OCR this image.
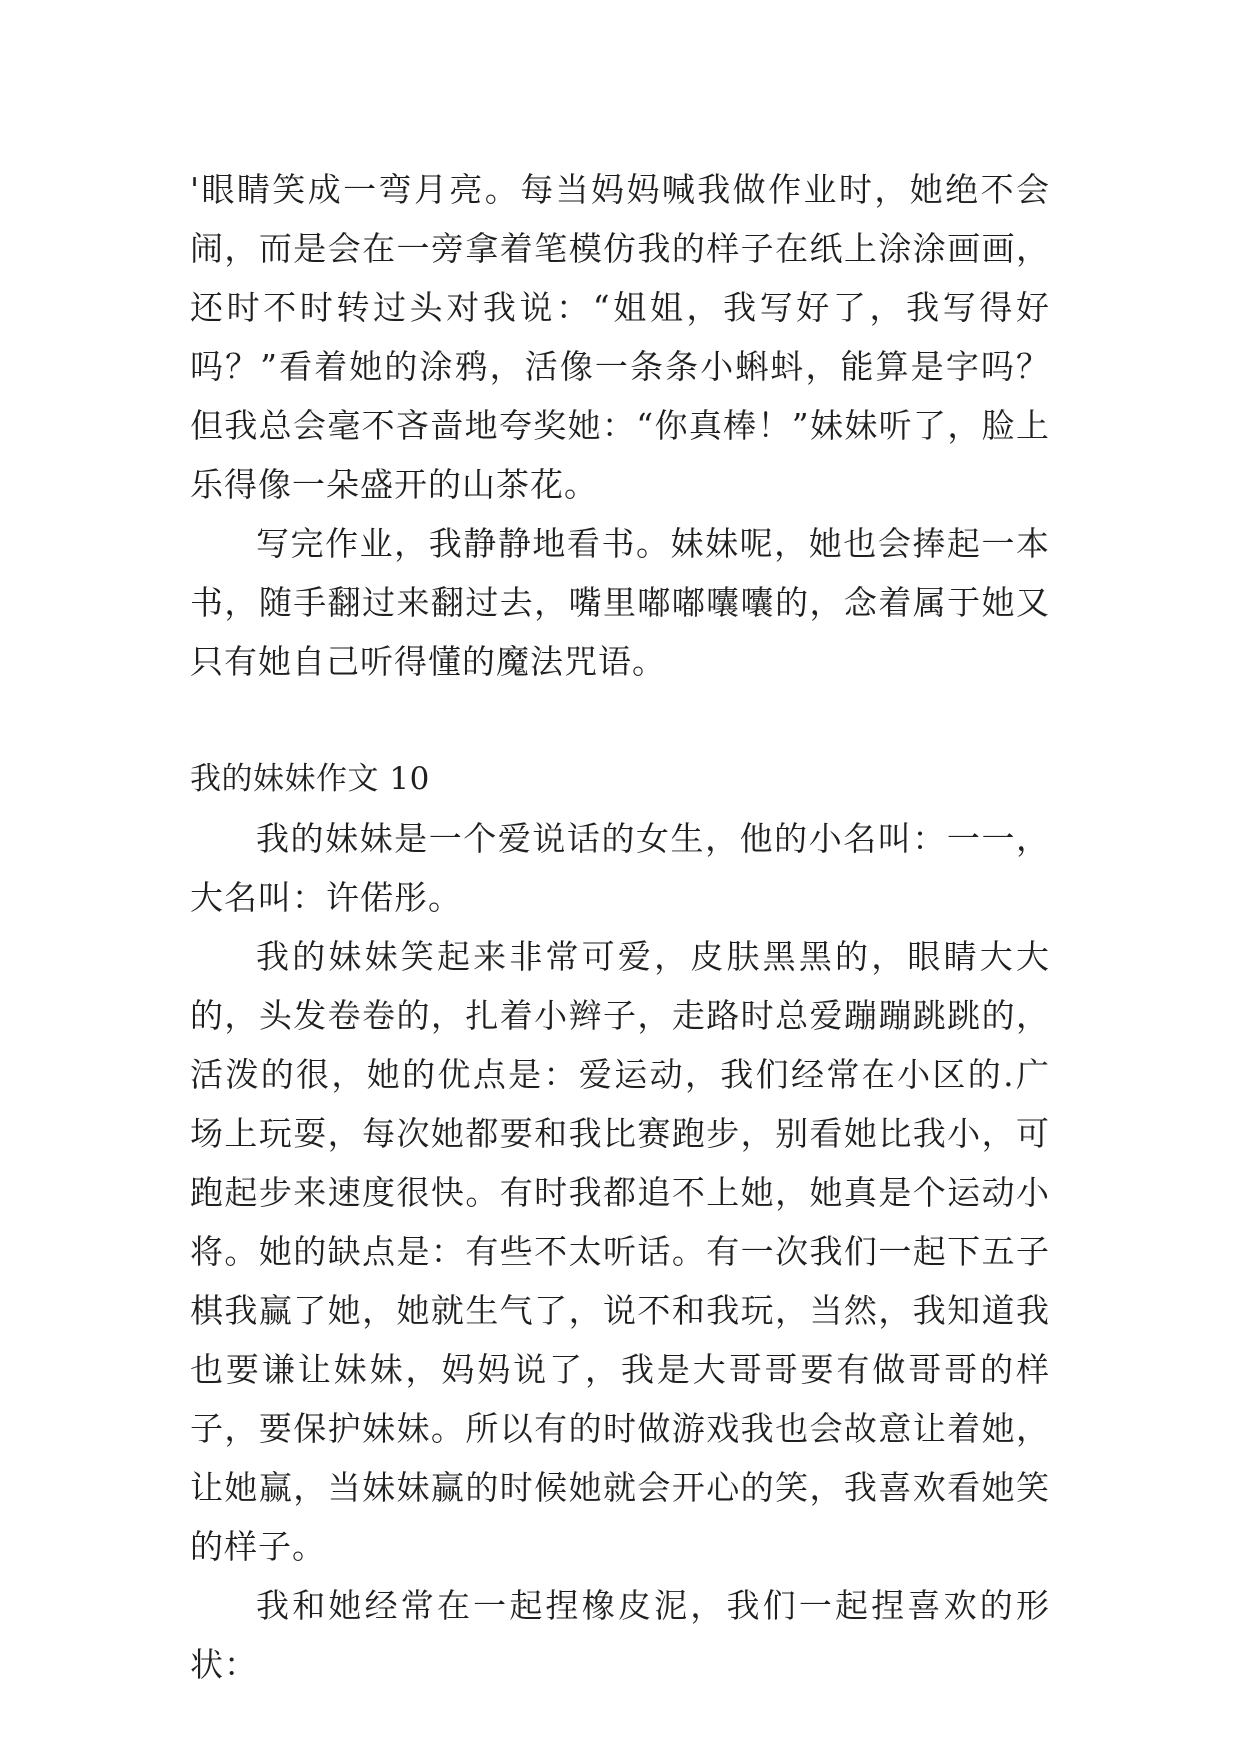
'眼睛笑成一弯月亮。每当妈妈喊我做作业时，她绝不会闹，而是会在一旁拿着笔模仿我的样子在纸上涂涂画画，还时不时转过头对我说：“姐姐，我写好了，我写得好吗？”看着她的涂鸦，活像一条条小蝌蚪，能算是字吗？但我总会毫不吝啬地夸奖她：“你真棒！”妹妹听了，脸上乐得像一朵盛开的山茶花。

写完作业，我静静地看书。妹妹呢，她也会捧起一本书，随手翻过来翻过去，嘴里嘟嘟囔囔的，念着属于她又只有她自己听得懂的魔法咒语。

我的妹妹作文 10

我的妹妹是一个爱说话的女生，他的小名叫：一一，大名叫：许偌彤。

我的妹妹笑起来非常可爱，皮肤黑黑的，眼睛大大的，头发卷卷的，扎着小辫子，走路时总爱蹦蹦跳跳的，活泼的很，她的优点是：爱运动，我们经常在小区的.广场上玩耍，每次她都要和我比赛跑步，别看她比我小，可跑起步来速度很快。有时我都追不上她，她真是个运动小将。她的缺点是：有些不太听话。有一次我们一起下五子棋我赢了她，她就生气了，说不和我玩，当然，我知道我也要谦让妹妹，妈妈说了，我是大哥哥要有做哥哥的样子，要保护妹妹。所以有的时做游戏我也会故意让着她，让她赢，当妹妹赢的时候她就会开心的笑，我喜欢看她笑的样子。

我和她经常在一起捏橡皮泥，我们一起捏喜欢的形状：
